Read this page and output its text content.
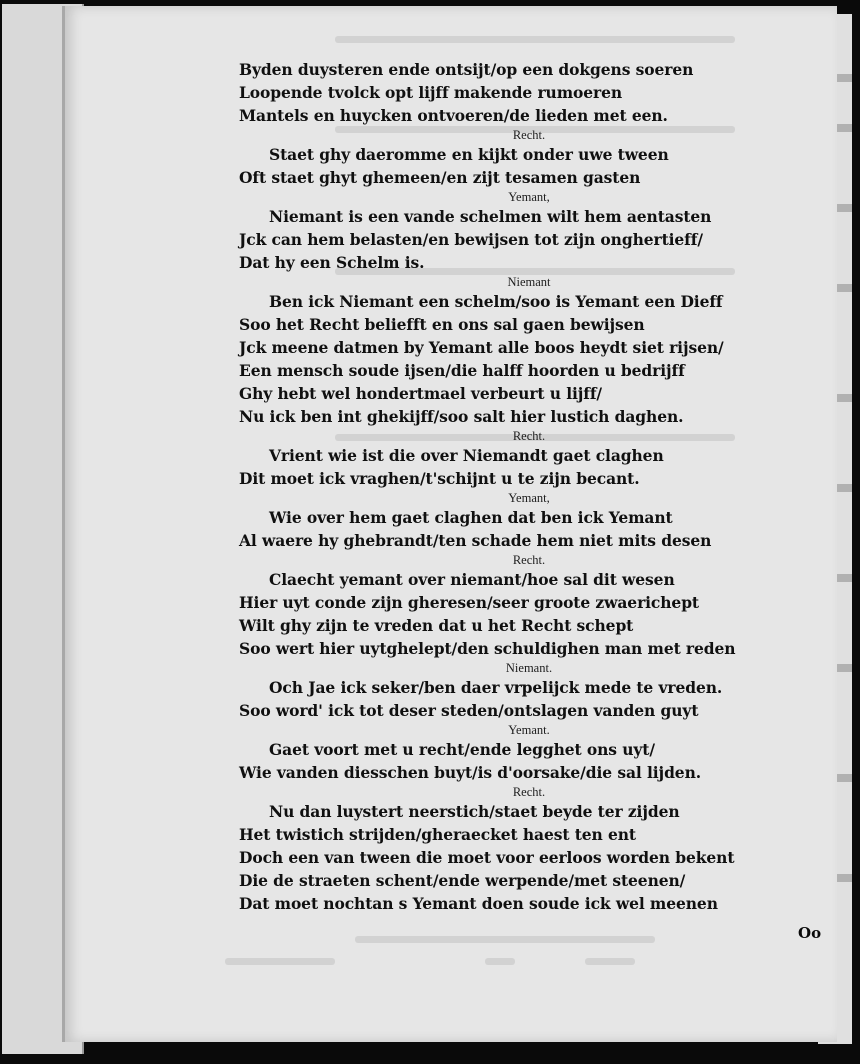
Byden duysteren ende ontsijt/op een dokgens soeren
Loopende tvolck opt lijff makende rumoeren
Mantels en huycken ontvoeren/de lieden met een.
Recht.
Staet ghy daeromme en kijkt onder uwe tween
Oft staet ghyt ghemeen/en zijt tesamen gasten
Yemant,
Niemant is een vande schelmen wilt hem aentasten
Jck can hem belasten/en bewijsen tot zijn onghertieff/
Dat hy een Schelm is.
Niemant
Ben ick Niemant een schelm/soo is Yemant een Dieff
Soo het Recht beliefft en ons sal gaen bewijsen
Jck meene datmen by Yemant alle boos heydt siet rijsen/
Een mensch soude ijsen/die halff hoorden u bedrijff
Ghy hebt wel hondertmael verbeurt u lijff/
Nu ick ben int ghekijff/soo salt hier lustich daghen.
Recht.
Vrient wie ist die over Niemandt gaet claghen
Dit moet ick vraghen/t'schijnt u te zijn becant.
Yemant,
Wie over hem gaet claghen dat ben ick Yemant
Al waere hy ghebrandt/ten schade hem niet mits desen
Recht.
Claecht yemant over niemant/hoe sal dit wesen
Hier uyt conde zijn gheresen/seer groote zwaerichept
Wilt ghy zijn te vreden dat u het Recht schept
Soo wert hier uytghelept/den schuldighen man met reden
Niemant.
Och Jae ick seker/ben daer vrpelijck mede te vreden.
Soo word' ick tot deser steden/ontslagen vanden guyt
Yemant.
Gaet voort met u recht/ende legghet ons uyt/
Wie vanden diesschen buyt/is d'oorsake/die sal lijden.
Recht.
Nu dan luystert neerstich/staet beyde ter zijden
Het twistich strijden/gheraecket haest ten ent
Doch een van tween die moet voor eerloos worden bekent
Die de straeten schent/ende werpende/met steenen/
Dat moet nochtan s Yemant doen soude ick wel meenen
Oo
